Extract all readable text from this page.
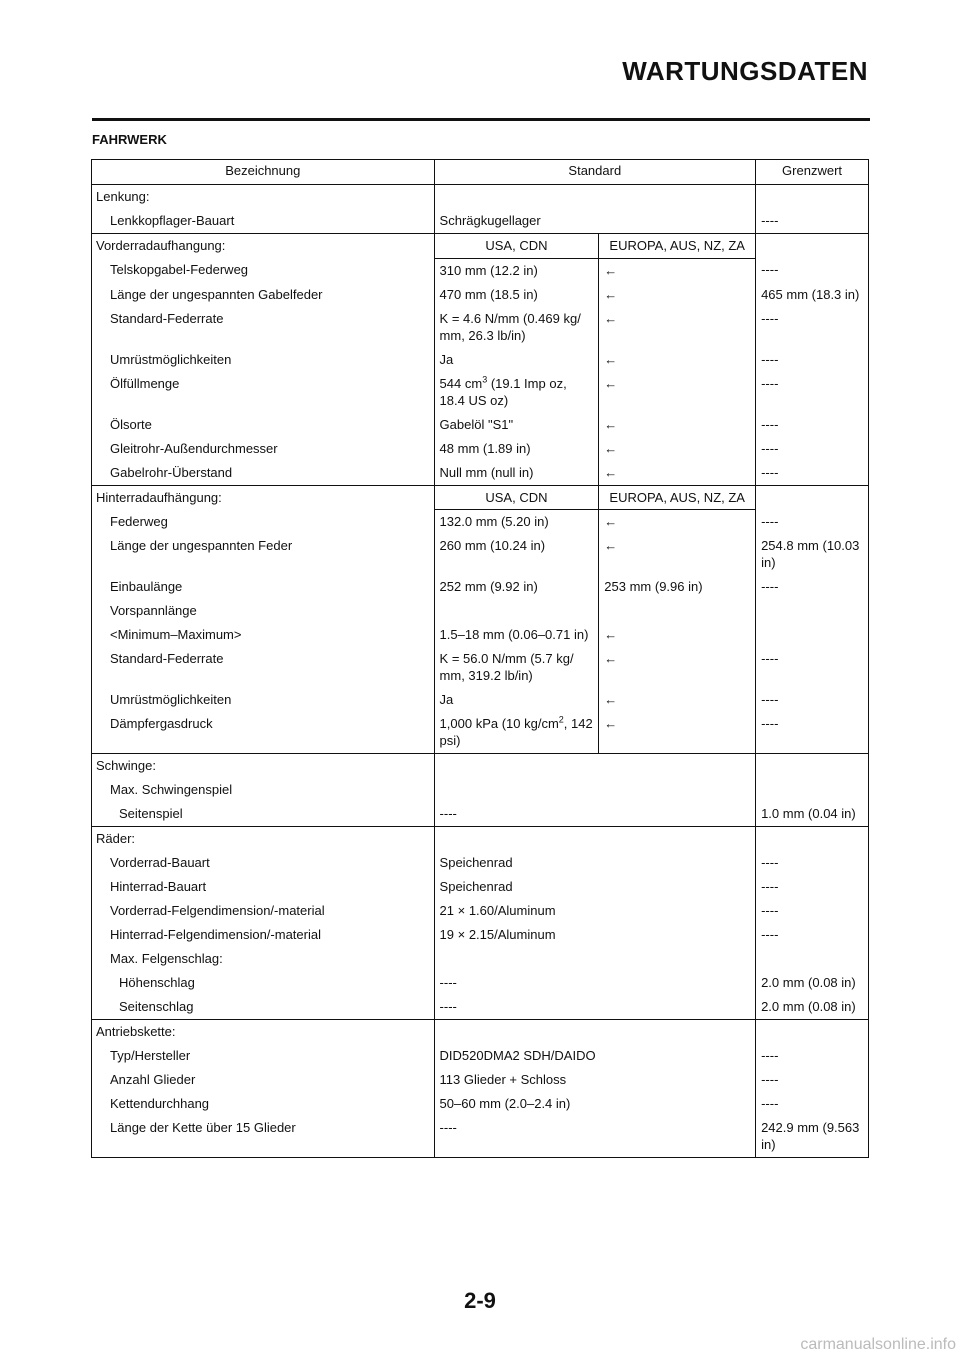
WARTUNGSDATEN
FAHRWERK
Bezeichnung	Standard		Grenzwert
Lenkung:			
Lenkkopflager-Bauart	Schrägkugellager		----
Vorderradaufhangung:	USA, CDN	EUROPA, AUS, NZ, ZA	
Telskopgabel-Federweg	310 mm (12.2 in)	←	----
Länge der ungespannten Gabelfeder	470 mm (18.5 in)	←	465 mm (18.3 in)
Standard-Federrate	K = 4.6 N/mm (0.469 kg/ mm, 26.3 lb/in)	←	----
Umrüstmöglichkeiten	Ja	←	----
Ölfüllmenge	544 $cm^3$ (19.1 Imp oz, 18.4 US oz)	←	----
Ölsorte	Gabelöl "S1"	←	----
Gleitrohr-Außendurchmesser	48 mm (1.89 in)	←	----
Gabelrohr-Überstand	Null mm (null in)	←	----
Hinterradaufhängung:	USA, CDN	EUROPA, AUS, NZ, ZA	
Federweg	132.0 mm (5.20 in)	←	----
Länge der ungespannten Feder	260 mm (10.24 in)	←	254.8 mm (10.03 in)
Einbaulänge	252 mm (9.92 in)	253 mm (9.96 in)	----
Vorspannlänge			
<Minimum–Maximum>	1.5–18 mm (0.06–0.71 in)	←	
Standard-Federrate	K = 56.0 N/mm (5.7 kg/ mm, 319.2 lb/in)	←	----
Umrüstmöglichkeiten	Ja	←	----
Dämpfergasdruck	1,000 kPa (10 $kg/cm^2$, 142 psi)	←	----
Schwinge:			
Max. Schwingenspiel			
Seitenspiel	----		1.0 mm (0.04 in)
Räder:			
Vorderrad-Bauart	Speichenrad		----
Hinterrad-Bauart	Speichenrad		----
Vorderrad-Felgendimension/-material	21 × 1.60/Aluminum		----
Hinterrad-Felgendimension/-material	19 × 2.15/Aluminum		----
Max. Felgenschlag:			
Höhenschlag	----		2.0 mm (0.08 in)
Seitenschlag	----		2.0 mm (0.08 in)
Antriebskette:			
Typ/Hersteller	DID520DMA2 SDH/DAIDO		----
Anzahl Glieder	113 Glieder + Schloss		----
Kettendurchhang	50–60 mm (2.0–2.4 in)		----
Länge der Kette über 15 Glieder	----		242.9 mm (9.563 in)
2-9
carmanualsonline.info
